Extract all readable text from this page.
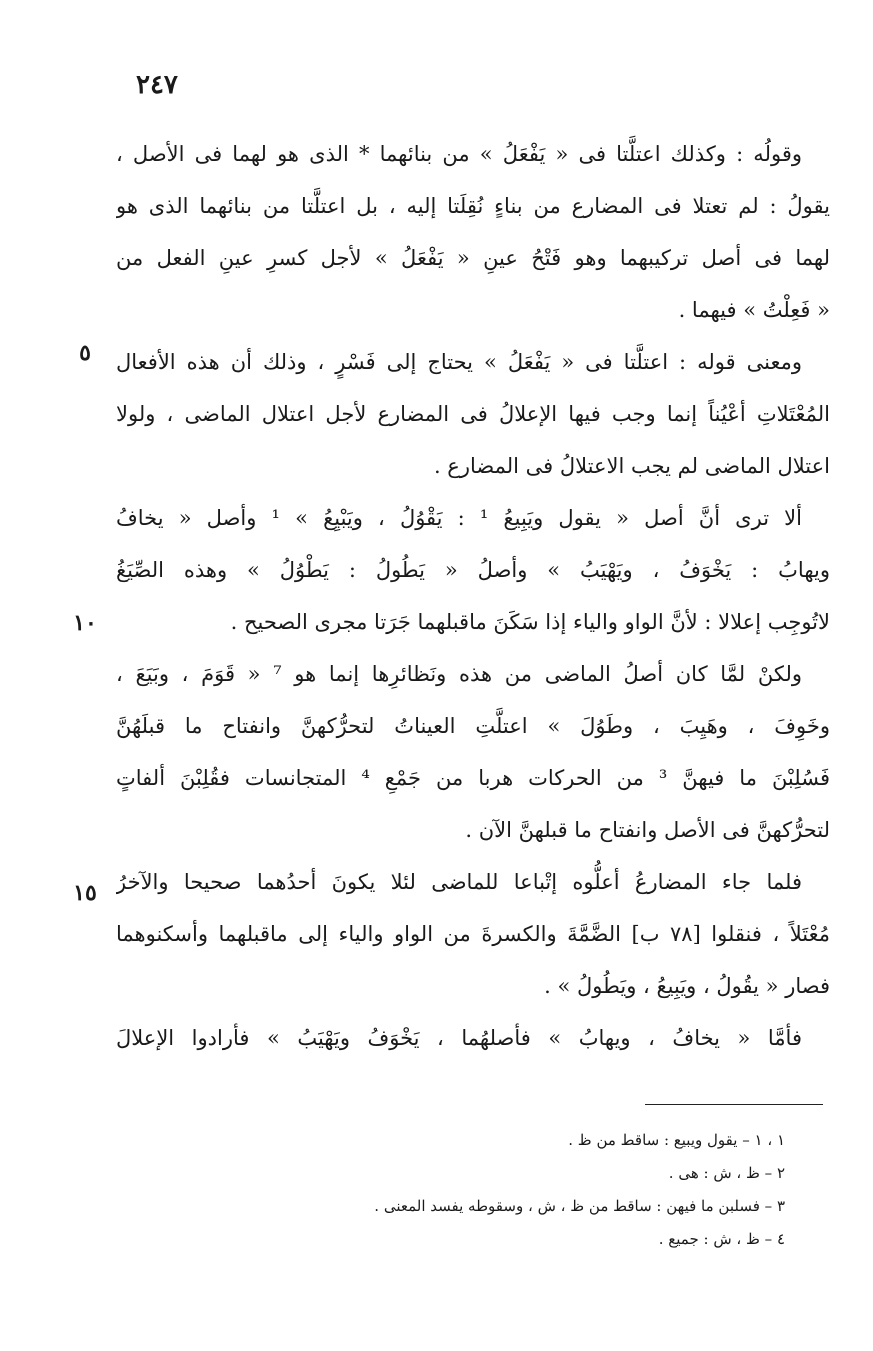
٢٤٧
٥
١٠
١٥
وقولُه : وكذلك اعتلَّتا فى « يَفْعَلُ » من بنائهما * الذى هو لهما فى الأصل ،
يقولُ : لم تعتلا فى المضارع من بناءٍ نُقِلَتا إليه ، بل اعتلَّتا من بنائهما الذى هو
لهما فى أصل تركيبهما وهو فَتْحُ عينِ « يَفْعَلُ » لأجل كسرِ عينِ الفعل من
« فَعِلْتُ » فيهما .
ومعنى قوله : اعتلَّتا فى « يَفْعَلُ » يحتاج إلى فَسْرٍ ، وذلك أن هذه الأفعال
المُعْتَلاتِ أعْيُناً إنما وجب فيها الإعلالُ فى المضارع لأجل اعتلال الماضى ، ولولا
اعتلال الماضى لم يجب الاعتلالُ فى المضارع .
ألا ترى أنَّ أصل « يقول ويَبِيعُ ¹ : يَقْوُلُ ، ويَبْيِعُ » ¹ وأصل « يخافُ
ويهابُ : يَخْوَفُ ، ويَهْيَبُ » وأصلُ « يَطُولُ : يَطْوُلُ » وهذه الصِّيَغُ
لاتُوجِب إعلالا : لأنَّ الواو والياء إذا سَكَنَ ماقبلهما جَرَتا مجرى الصحيح .
ولكنْ لمَّا كان أصلُ الماضى من هذه ونَظائرِها إنما هو ⁷ « قَوَمَ ، وبَيَعَ ،
وخَوِفَ ، وهَيِبَ ، وطَوُلَ » اعتلَّتِ العيناتُ لتحرُّكهنَّ وانفتاح ما قبلَهُنَّ
فَسُلِبْنَ ما فيهنَّ ³ من الحركات هربا من جَمْعِ ⁴ المتجانسات فقُلِبْنَ ألفاتٍ
لتحرُّكهنَّ فى الأصل وانفتاح ما قبلهنَّ الآن .
فلما جاء المضارعُ أعلُّوه إتْباعا للماضى لئلا يكونَ أحدُهما صحيحا والآخرُ
مُعْتَلاً ، فنقلوا [٧٨ ب] الضَّمَّةَ والكسرةَ من الواو والياء إلى ماقبلهما وأسكنوهما
فصار « يقُولُ ، ويَبِيعُ ، ويَطُولُ » .
فأمَّا « يخافُ ، ويهابُ » فأصلهُما ، يَخْوَفُ ويَهْيَبُ » فأرادوا الإعلالَ
١ ، ١ – يقول ويبيع : ساقط من ظ .
٢ – ظ ، ش : هى .
٣ – فسلبن ما فيهن : ساقط من ظ ، ش ، وسقوطه يفسد المعنى .
٤ – ظ ، ش : جميع .
